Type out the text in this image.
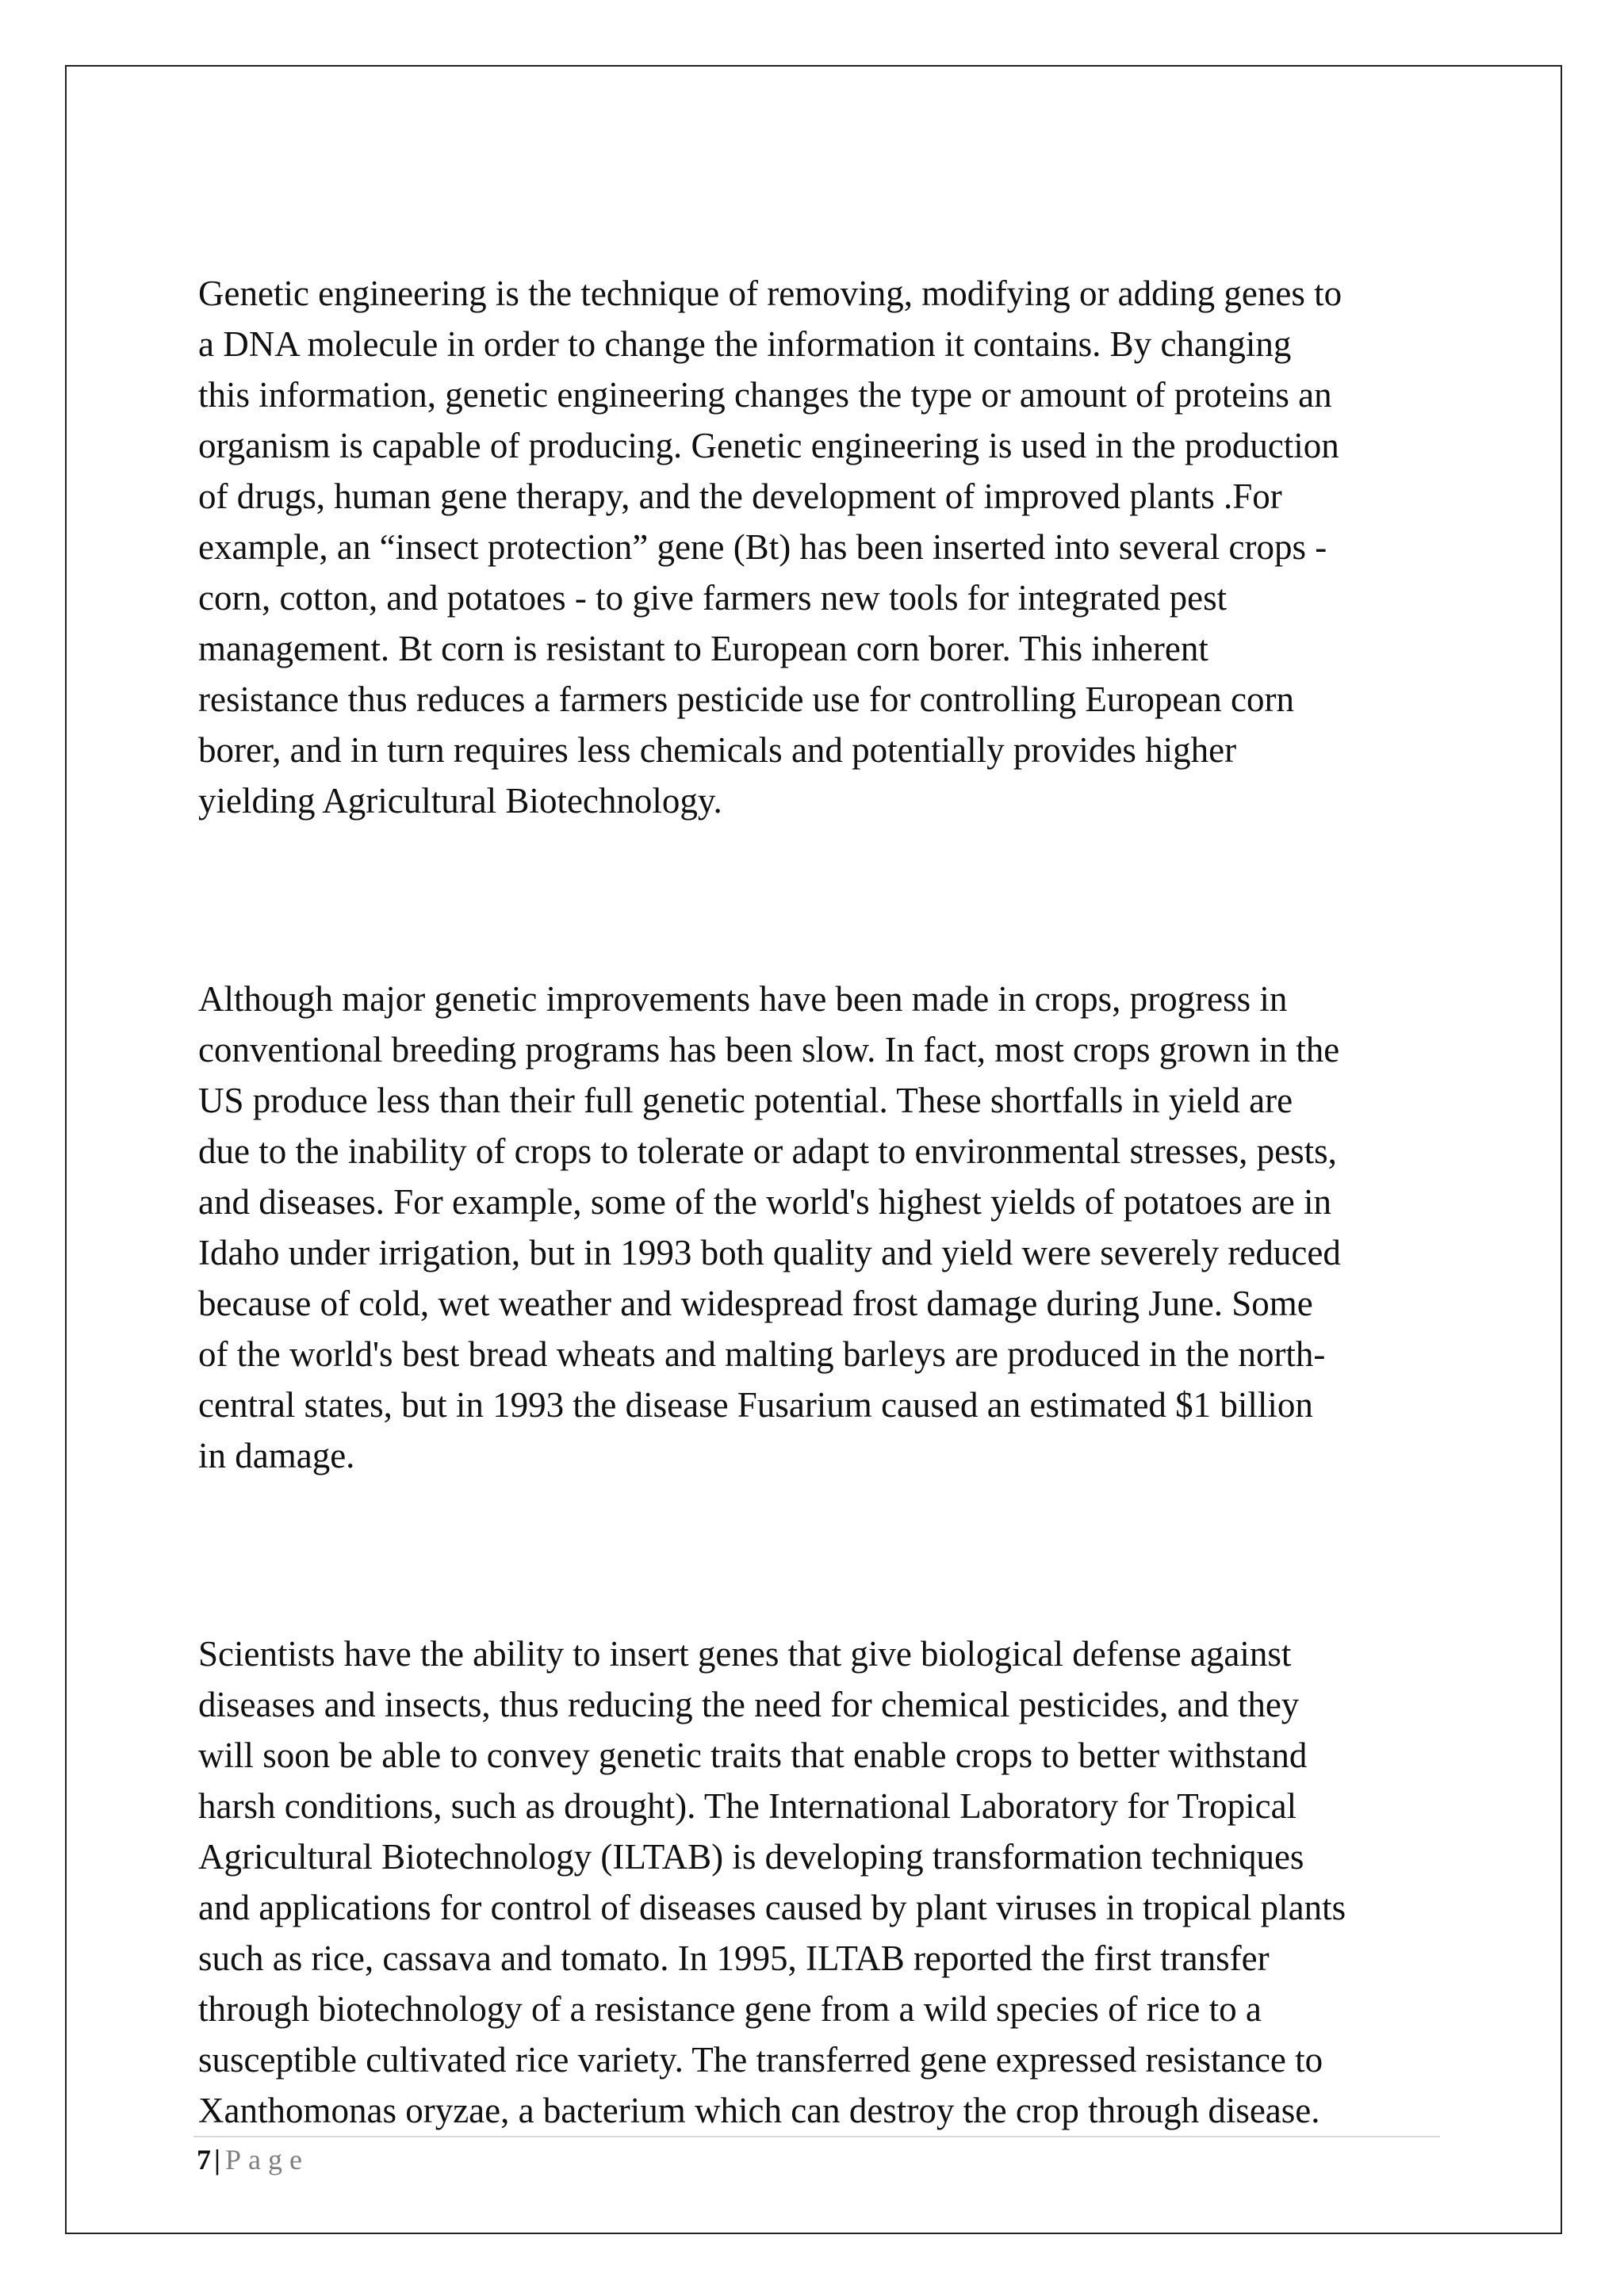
Genetic engineering is the technique of removing, modifying or adding genes to
a DNA molecule in order to change the information it contains. By changing
this information, genetic engineering changes the type or amount of proteins an
organism is capable of producing. Genetic engineering is used in the production
of drugs, human gene therapy, and the development of improved plants .For
example, an “insect protection” gene (Bt) has been inserted into several crops -
corn, cotton, and potatoes - to give farmers new tools for integrated pest
management. Bt corn is resistant to European corn borer. This inherent
resistance thus reduces a farmers pesticide use for controlling European corn
borer, and in turn requires less chemicals and potentially provides higher
yielding Agricultural Biotechnology.

Although major genetic improvements have been made in crops, progress in
conventional breeding programs has been slow. In fact, most crops grown in the
US produce less than their full genetic potential. These shortfalls in yield are
due to the inability of crops to tolerate or adapt to environmental stresses, pests,
and diseases. For example, some of the world's highest yields of potatoes are in
Idaho under irrigation, but in 1993 both quality and yield were severely reduced
because of cold, wet weather and widespread frost damage during June. Some
of the world's best bread wheats and malting barleys are produced in the north-
central states, but in 1993 the disease Fusarium caused an estimated $1 billion
in damage.

Scientists have the ability to insert genes that give biological defense against
diseases and insects, thus reducing the need for chemical pesticides, and they
will soon be able to convey genetic traits that enable crops to better withstand
harsh conditions, such as drought). The International Laboratory for Tropical
Agricultural Biotechnology (ILTAB) is developing transformation techniques
and applications for control of diseases caused by plant viruses in tropical plants
such as rice, cassava and tomato. In 1995, ILTAB reported the first transfer
through biotechnology of a resistance gene from a wild species of rice to a
susceptible cultivated rice variety. The transferred gene expressed resistance to
Xanthomonas oryzae, a bacterium which can destroy the crop through disease.

7 | Page
